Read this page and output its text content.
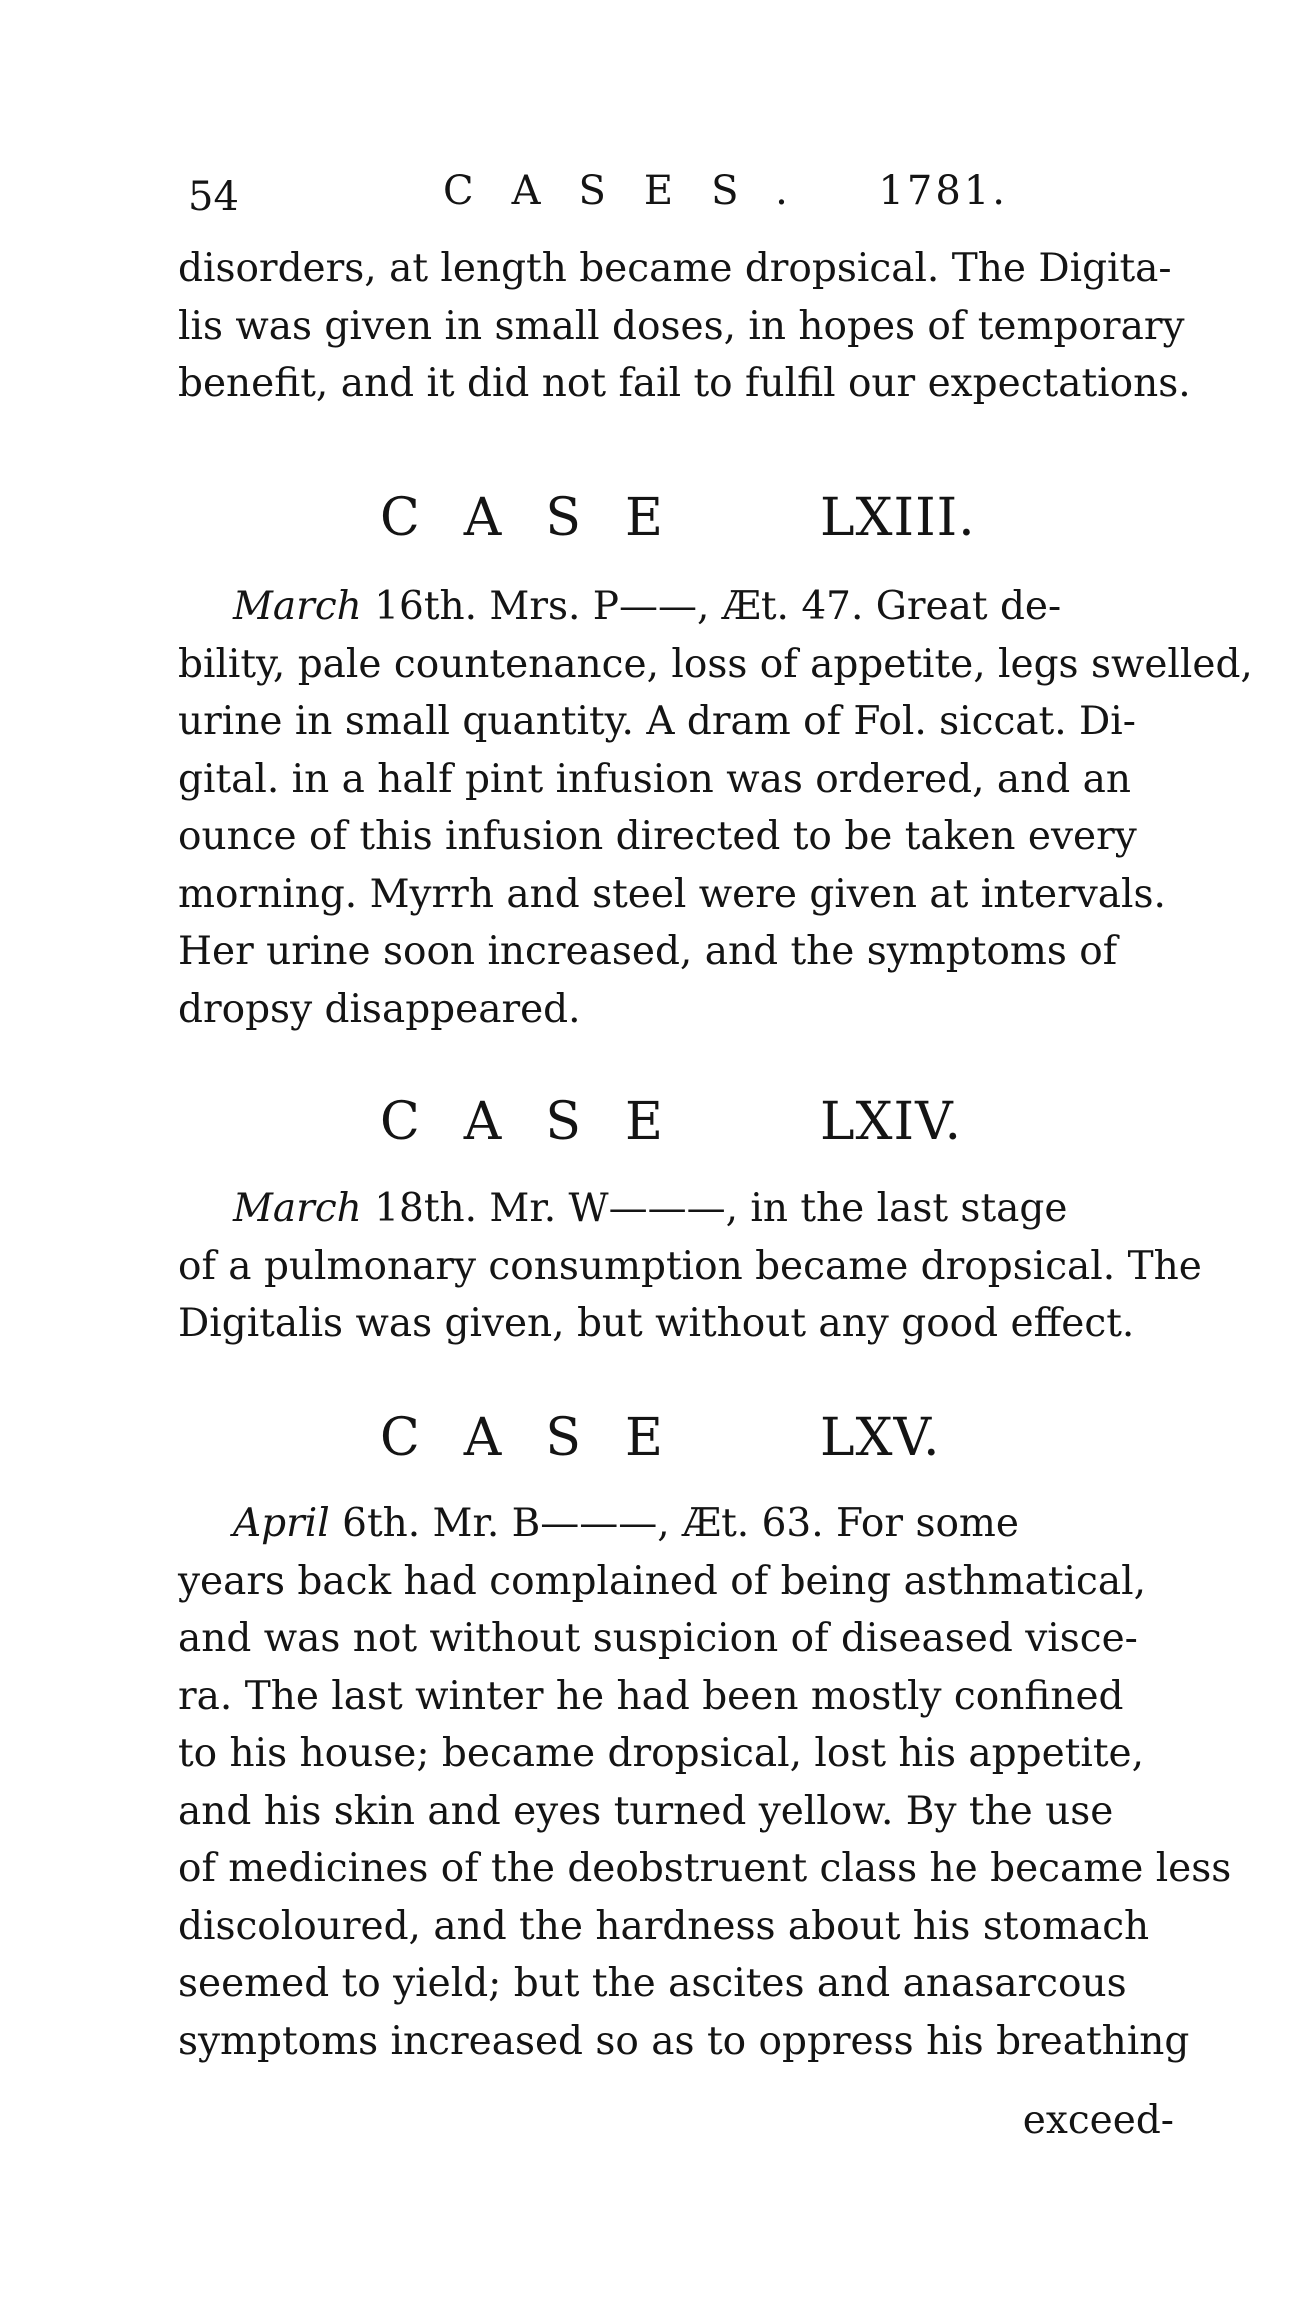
54	CASES. 1781.
disorders, at length became dropsical. The Digita-
lis was given in small doses, in hopes of temporary
benefit, and it did not fail to fulfil our expectations.
CASE LXIII.
March 16th. Mrs. P——, Æt. 47. Great de-
bility, pale countenance, loss of appetite, legs swelled,
urine in small quantity. A dram of Fol. siccat. Di-
gital. in a half pint infusion was ordered, and an
ounce of this infusion directed to be taken every
morning. Myrrh and steel were given at intervals.
Her urine soon increased, and the symptoms of
dropsy disappeared.
CASE LXIV.
March 18th. Mr. W———, in the last stage
of a pulmonary consumption became dropsical. The
Digitalis was given, but without any good effect.
CASE LXV.
April 6th. Mr. B———, Æt. 63. For some
years back had complained of being asthmatical,
and was not without suspicion of diseased visce-
ra. The last winter he had been mostly confined
to his house; became dropsical, lost his appetite,
and his skin and eyes turned yellow. By the use
of medicines of the deobstruent class he became less
discoloured, and the hardness about his stomach
seemed to yield; but the ascites and anasarcous
symptoms increased so as to oppress his breathing
exceed-
